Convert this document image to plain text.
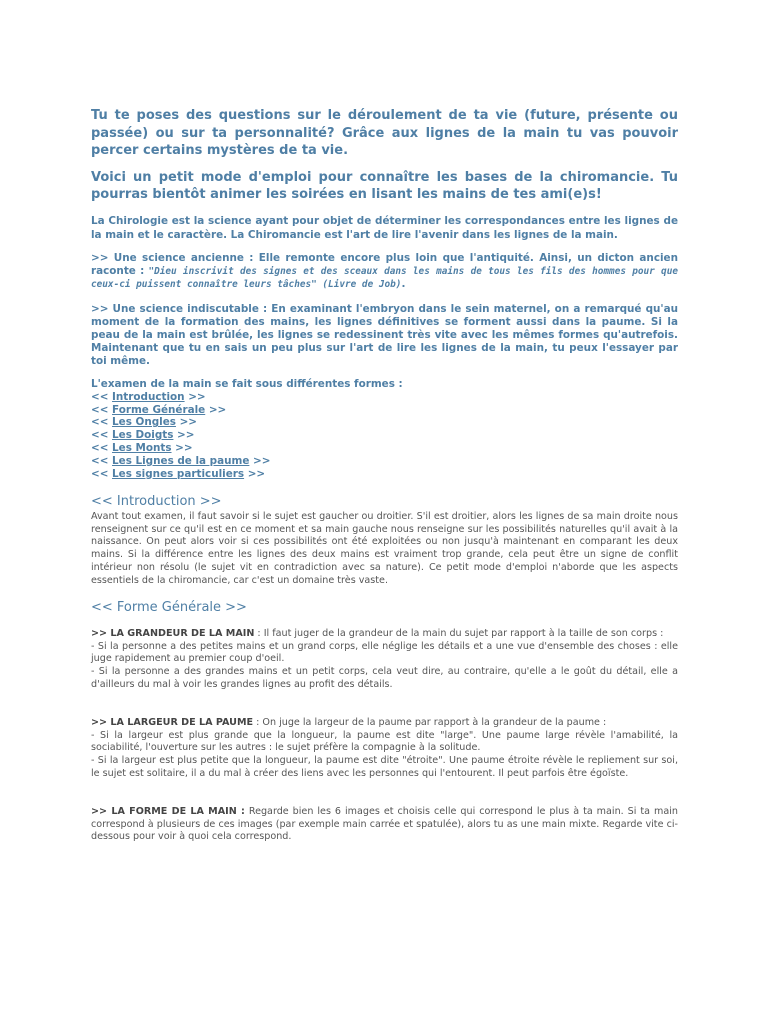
Tu te poses des questions sur le déroulement de ta vie (future, présente ou passée) ou sur ta personnalité? Grâce aux lignes de la main tu vas pouvoir percer certains mystères de ta vie.

Voici un petit mode d'emploi pour connaître les bases de la chiromancie. Tu pourras bientôt animer les soirées en lisant les mains de tes ami(e)s!

La Chirologie est la science ayant pour objet de déterminer les correspondances entre les lignes de la main et le caractère. La Chiromancie est l'art de lire l'avenir dans les lignes de la main.

>> Une science ancienne : Elle remonte encore plus loin que l'antiquité. Ainsi, un dicton ancien raconte : "Dieu inscrivit des signes et des sceaux dans les mains de tous les fils des hommes pour que ceux-ci puissent connaître leurs tâches" (Livre de Job).

>> Une science indiscutable : En examinant l'embryon dans le sein maternel, on a remarqué qu'au moment de la formation des mains, les lignes définitives se forment aussi dans la paume. Si la peau de la main est brûlée, les lignes se redessinent très vite avec les mêmes formes qu'autrefois. Maintenant que tu en sais un peu plus sur l'art de lire les lignes de la main, tu peux l'essayer par toi même.

L'examen de la main se fait sous différentes formes :
<< Introduction >>
<< Forme Générale >>
<< Les Ongles >>
<< Les Doigts >>
<< Les Monts >>
<< Les Lignes de la paume >>
<< Les signes particuliers >>
<< Introduction >>

Avant tout examen, il faut savoir si le sujet est gaucher ou droitier. S'il est droitier, alors les lignes de sa main droite nous renseignent sur ce qu'il est en ce moment et sa main gauche nous renseigne sur les possibilités naturelles qu'il avait à la naissance. On peut alors voir si ces possibilités ont été exploitées ou non jusqu'à maintenant en comparant les deux mains. Si la différence entre les lignes des deux mains est vraiment trop grande, cela peut être un signe de conflit intérieur non résolu (le sujet vit en contradiction avec sa nature). Ce petit mode d'emploi n'aborde que les aspects essentiels de la chiromancie, car c'est un domaine très vaste.

<< Forme Générale >>
>> LA GRANDEUR DE LA MAIN : Il faut juger de la grandeur de la main du sujet par rapport à la taille de son corps :
- Si la personne a des petites mains et un grand corps, elle néglige les détails et a une vue d'ensemble des choses : elle juge rapidement au premier coup d'oeil.
- Si la personne a des grandes mains et un petit corps, cela veut dire, au contraire, qu'elle a le goût du détail, elle a d'ailleurs du mal à voir les grandes lignes au profit des détails.
>> LA LARGEUR DE LA PAUME : On juge la largeur de la paume par rapport à la grandeur de la paume :
- Si la largeur est plus grande que la longueur, la paume est dite "large". Une paume large révèle l'amabilité, la sociabilité, l'ouverture sur les autres : le sujet préfère la compagnie à la solitude.
- Si la largeur est plus petite que la longueur, la paume est dite "étroite". Une paume étroite révèle le repliement sur soi, le sujet est solitaire, il a du mal à créer des liens avec les personnes qui l'entourent. Il peut parfois être égoïste.
>> LA FORME DE LA MAIN : Regarde bien les 6 images et choisis celle qui correspond le plus à ta main. Si ta main correspond à plusieurs de ces images (par exemple main carrée et spatulée), alors tu as une main mixte. Regarde vite ci-dessous pour voir à quoi cela correspond.
